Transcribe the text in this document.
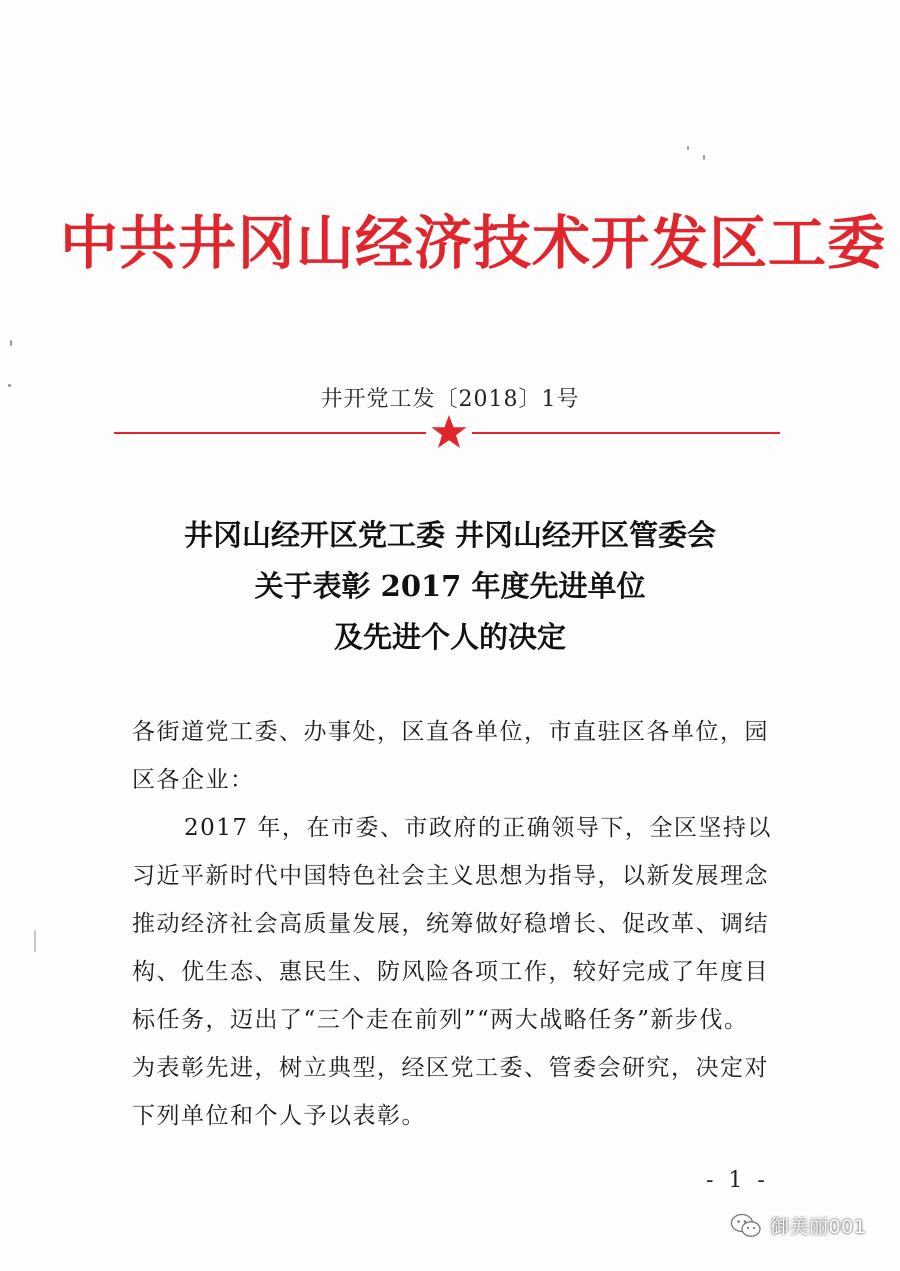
中共井冈山经济技术开发区工委
井开党工发〔2018〕1号
井冈山经开区党工委 井冈山经开区管委会
关于表彰 2017 年度先进单位
及先进个人的决定
各街道党工委、办事处，区直各单位，市直驻区各单位，园
区各企业：
2017 年，在市委、市政府的正确领导下，全区坚持以
习近平新时代中国特色社会主义思想为指导，以新发展理念
推动经济社会高质量发展，统筹做好稳增长、促改革、调结
构、优生态、惠民生、防风险各项工作，较好完成了年度目
标任务，迈出了“三个走在前列”“两大战略任务”新步伐。
为表彰先进，树立典型，经区党工委、管委会研究，决定对
下列单位和个人予以表彰。
- 1 -
御美丽001
